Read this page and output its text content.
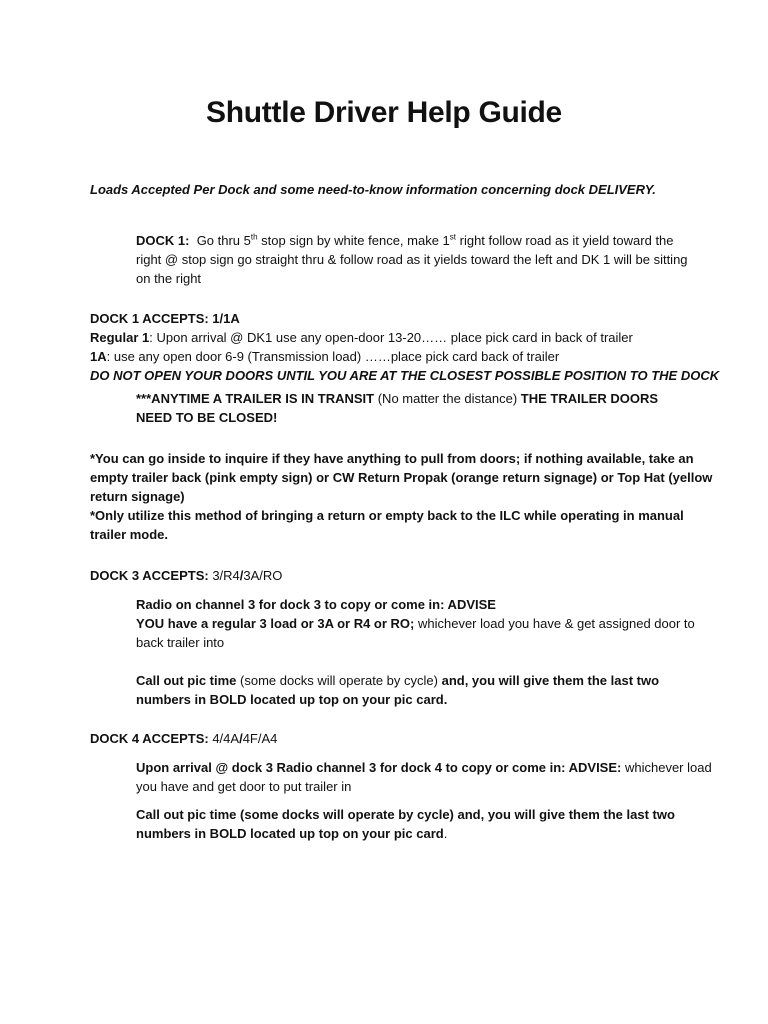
Shuttle Driver Help Guide
Loads Accepted Per Dock and some need-to-know information concerning dock DELIVERY.
DOCK 1: Go thru 5th stop sign by white fence, make 1st right follow road as it yield toward the
right @ stop sign go straight thru & follow road as it yields toward the left and DK 1 will be sitting
on the right
DOCK 1 ACCEPTS: 1/1A
Regular 1: Upon arrival @ DK1 use any open-door 13-20…… place pick card in back of trailer
1A: use any open door 6-9 (Transmission load) ……place pick card back of trailer
DO NOT OPEN YOUR DOORS UNTIL YOU ARE AT THE CLOSEST POSSIBLE POSITION TO THE DOCK
***ANYTIME A TRAILER IS IN TRANSIT (No matter the distance) THE TRAILER DOORS
NEED TO BE CLOSED!
*You can go inside to inquire if they have anything to pull from doors; if nothing available, take an
empty trailer back (pink empty sign) or CW Return Propak (orange return signage) or Top Hat (yellow
return signage)
*Only utilize this method of bringing a return or empty back to the ILC while operating in manual
trailer mode.
DOCK 3 ACCEPTS: 3/R4/3A/RO
Radio on channel 3 for dock 3 to copy or come in: ADVISE
YOU have a regular 3 load or 3A or R4 or RO; whichever load you have & get assigned door to
back trailer into
Call out pic time (some docks will operate by cycle) and, you will give them the last two
numbers in BOLD located up top on your pic card.
DOCK 4 ACCEPTS: 4/4A/4F/A4
Upon arrival @ dock 3 Radio channel 3 for dock 4 to copy or come in: ADVISE: whichever load
you have and get door to put trailer in
Call out pic time (some docks will operate by cycle) and, you will give them the last two
numbers in BOLD located up top on your pic card.
